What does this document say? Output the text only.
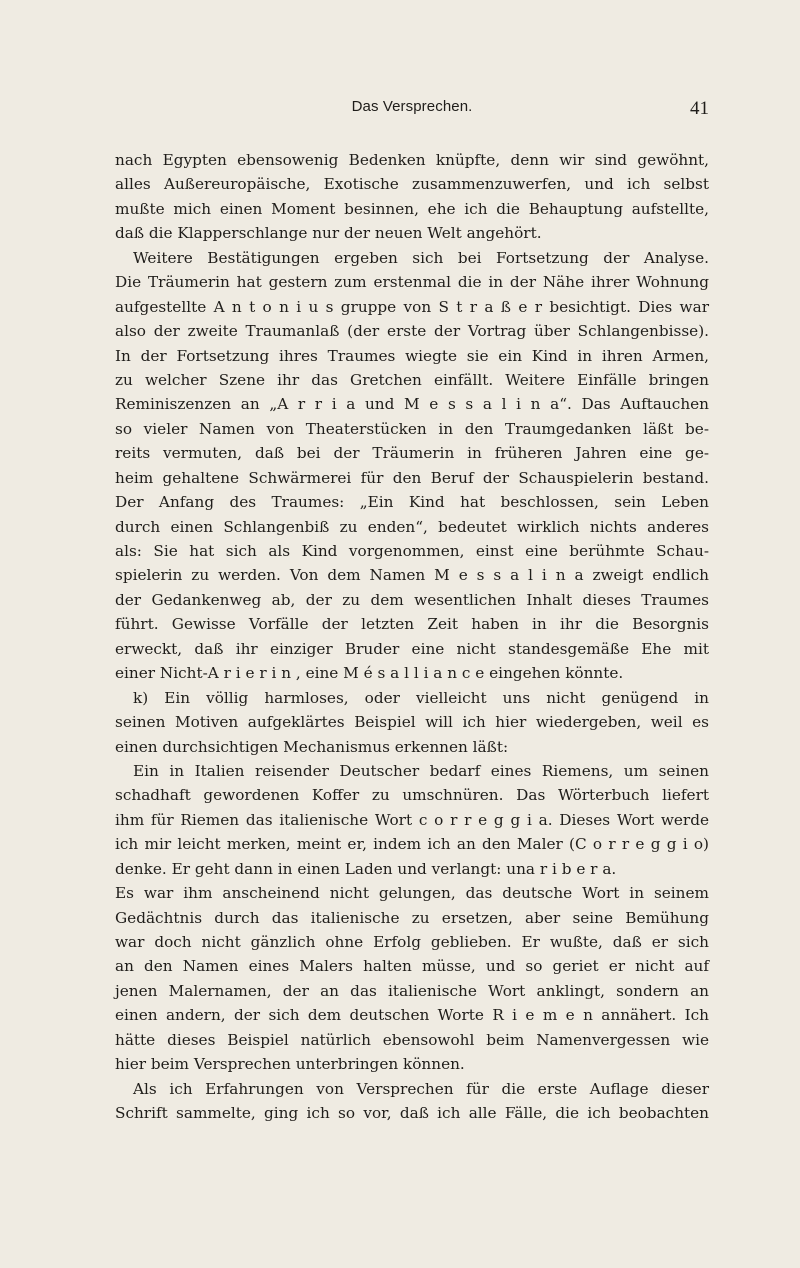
Das Versprechen.	41
nach Egypten ebensowenig Bedenken knüpfte, denn wir sind gewöhnt,
alles Außereuropäische, Exotische zusammenzuwerfen, und ich selbst
mußte mich einen Moment besinnen, ehe ich die Behauptung aufstellte,
daß die Klapperschlange nur der neuen Welt angehört.
Weitere Bestätigungen ergeben sich bei Fortsetzung der Analyse.
Die Träumerin hat gestern zum erstenmal die in der Nähe ihrer Wohnung
aufgestellte A n t o n i u s gruppe von S t r a ß e r besichtigt. Dies war
also der zweite Traumanlaß (der erste der Vortrag über Schlangenbisse).
In der Fortsetzung ihres Traumes wiegte sie ein Kind in ihren Armen,
zu welcher Szene ihr das Gretchen einfällt. Weitere Einfälle bringen
Reminiszenzen an „A r r i a und M e s s a l i n a“. Das Auftauchen
so vieler Namen von Theaterstücken in den Traumgedanken läßt be-
reits vermuten, daß bei der Träumerin in früheren Jahren eine ge-
heim gehaltene Schwärmerei für den Beruf der Schauspielerin bestand.
Der Anfang des Traumes: „Ein Kind hat beschlossen, sein Leben
durch einen Schlangenbiß zu enden“, bedeutet wirklich nichts anderes
als: Sie hat sich als Kind vorgenommen, einst eine berühmte Schau-
spielerin zu werden. Von dem Namen M e s s a l i n a zweigt endlich
der Gedankenweg ab, der zu dem wesentlichen Inhalt dieses Traumes
führt. Gewisse Vorfälle der letzten Zeit haben in ihr die Besorgnis
erweckt, daß ihr einziger Bruder eine nicht standesgemäße Ehe mit
einer Nicht-A r i e r i n , eine M é s a l l i a n c e eingehen könnte.
k) Ein völlig harmloses, oder vielleicht uns nicht genügend in
seinen Motiven aufgeklärtes Beispiel will ich hier wiedergeben, weil es
einen durchsichtigen Mechanismus erkennen läßt:
Ein in Italien reisender Deutscher bedarf eines Riemens, um seinen
schadhaft gewordenen Koffer zu umschnüren. Das Wörterbuch liefert
ihm für Riemen das italienische Wort c o r r e g g i a. Dieses Wort werde
ich mir leicht merken, meint er, indem ich an den Maler (C o r r e g g i o)
denke. Er geht dann in einen Laden und verlangt: una r i b e r a.
Es war ihm anscheinend nicht gelungen, das deutsche Wort in seinem
Gedächtnis durch das italienische zu ersetzen, aber seine Bemühung
war doch nicht gänzlich ohne Erfolg geblieben. Er wußte, daß er sich
an den Namen eines Malers halten müsse, und so geriet er nicht auf
jenen Malernamen, der an das italienische Wort anklingt, sondern an
einen andern, der sich dem deutschen Worte R i e m e n annähert. Ich
hätte dieses Beispiel natürlich ebensowohl beim Namenvergessen wie
hier beim Versprechen unterbringen können.
Als ich Erfahrungen von Versprechen für die erste Auflage dieser
Schrift sammelte, ging ich so vor, daß ich alle Fälle, die ich beobachten
